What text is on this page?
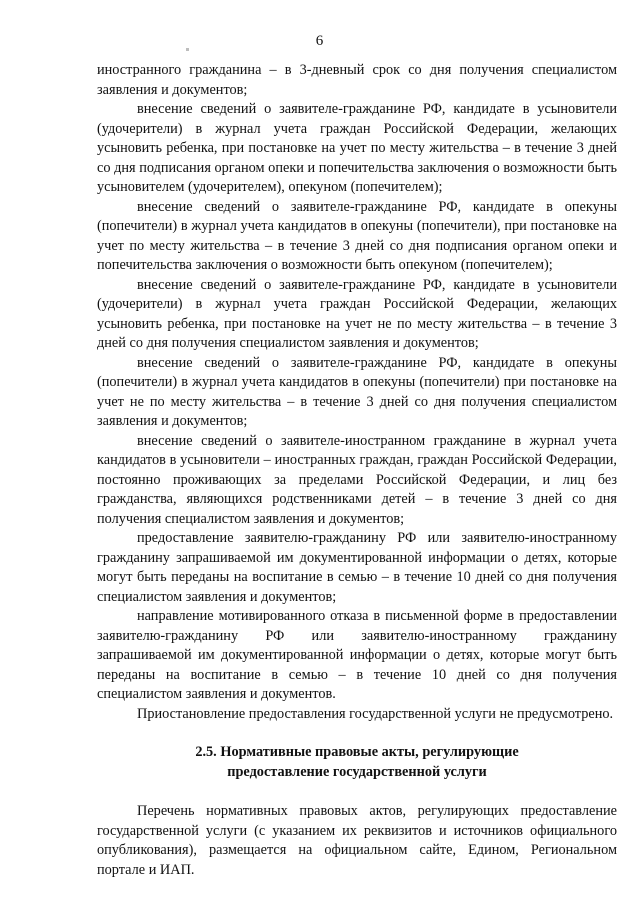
6

иностранного гражданина – в 3-дневный срок со дня получения специалистом заявления и документов;

внесение сведений о заявителе-гражданине РФ, кандидате в усыновители (удочерители) в журнал учета граждан Российской Федерации, желающих усыновить ребенка, при постановке на учет по месту жительства – в течение 3 дней со дня подписания органом опеки и попечительства заключения о возможности быть усыновителем (удочерителем), опекуном (попечителем);

внесение сведений о заявителе-гражданине РФ, кандидате в опекуны (попечители) в журнал учета кандидатов в опекуны (попечители), при постановке на учет по месту жительства – в течение 3 дней со дня подписания органом опеки и попечительства заключения о возможности быть опекуном (попечителем);

внесение сведений о заявителе-гражданине РФ, кандидате в усыновители (удочерители) в журнал учета граждан Российской Федерации, желающих усыновить ребенка, при постановке на учет не по месту жительства – в течение 3 дней со дня получения специалистом заявления и документов;

внесение сведений о заявителе-гражданине РФ, кандидате в опекуны (попечители) в журнал учета кандидатов в опекуны (попечители) при постановке на учет не по месту жительства – в течение 3 дней со дня получения специалистом заявления и документов;

внесение сведений о заявителе-иностранном гражданине в журнал учета кандидатов в усыновители – иностранных граждан, граждан Российской Федерации, постоянно проживающих за пределами Российской Федерации, и лиц без гражданства, являющихся родственниками детей – в течение 3 дней со дня получения специалистом заявления и документов;

предоставление заявителю-гражданину РФ или заявителю-иностранному гражданину запрашиваемой им документированной информации о детях, которые могут быть переданы на воспитание в семью – в течение 10 дней со дня получения специалистом заявления и документов;

направление мотивированного отказа в письменной форме в предоставлении заявителю-гражданину РФ или заявителю-иностранному гражданину запрашиваемой им документированной информации о детях, которые могут быть переданы на воспитание в семью – в течение 10 дней со дня получения специалистом заявления и документов.

Приостановление предоставления государственной услуги не предусмотрено.

2.5. Нормативные правовые акты, регулирующие
предоставление государственной услуги

Перечень нормативных правовых актов, регулирующих предоставление государственной услуги (с указанием их реквизитов и источников официального опубликования), размещается на официальном сайте, Едином, Региональном портале и ИАП.
